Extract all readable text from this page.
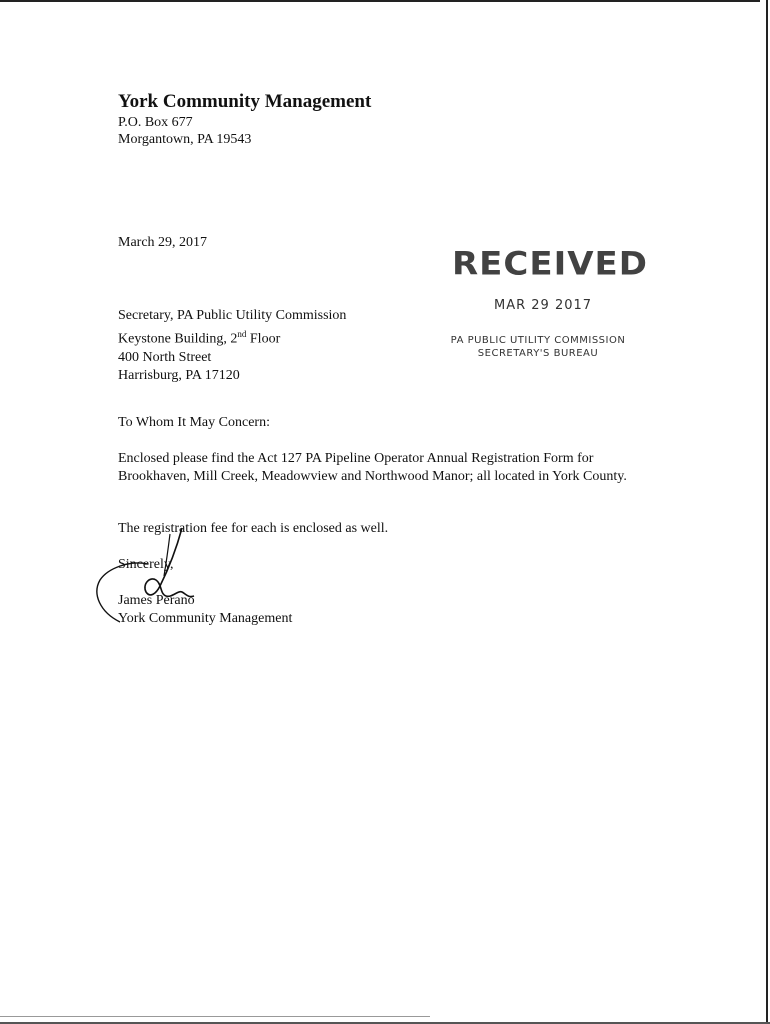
York Community Management
P.O. Box 677
Morgantown, PA 19543
March 29, 2017
Secretary, PA Public Utility Commission
Keystone Building, 2nd Floor
400 North Street
Harrisburg, PA 17120
RECEIVED
MAR 29 2017
PA PUBLIC UTILITY COMMISSION
SECRETARY'S BUREAU
To Whom It May Concern:
Enclosed please find the Act 127 PA Pipeline Operator Annual Registration Form for Brookhaven, Mill Creek, Meadowview and Northwood Manor; all located in York County.
The registration fee for each is enclosed as well.
Sincerely,
James Perano
York Community Management
